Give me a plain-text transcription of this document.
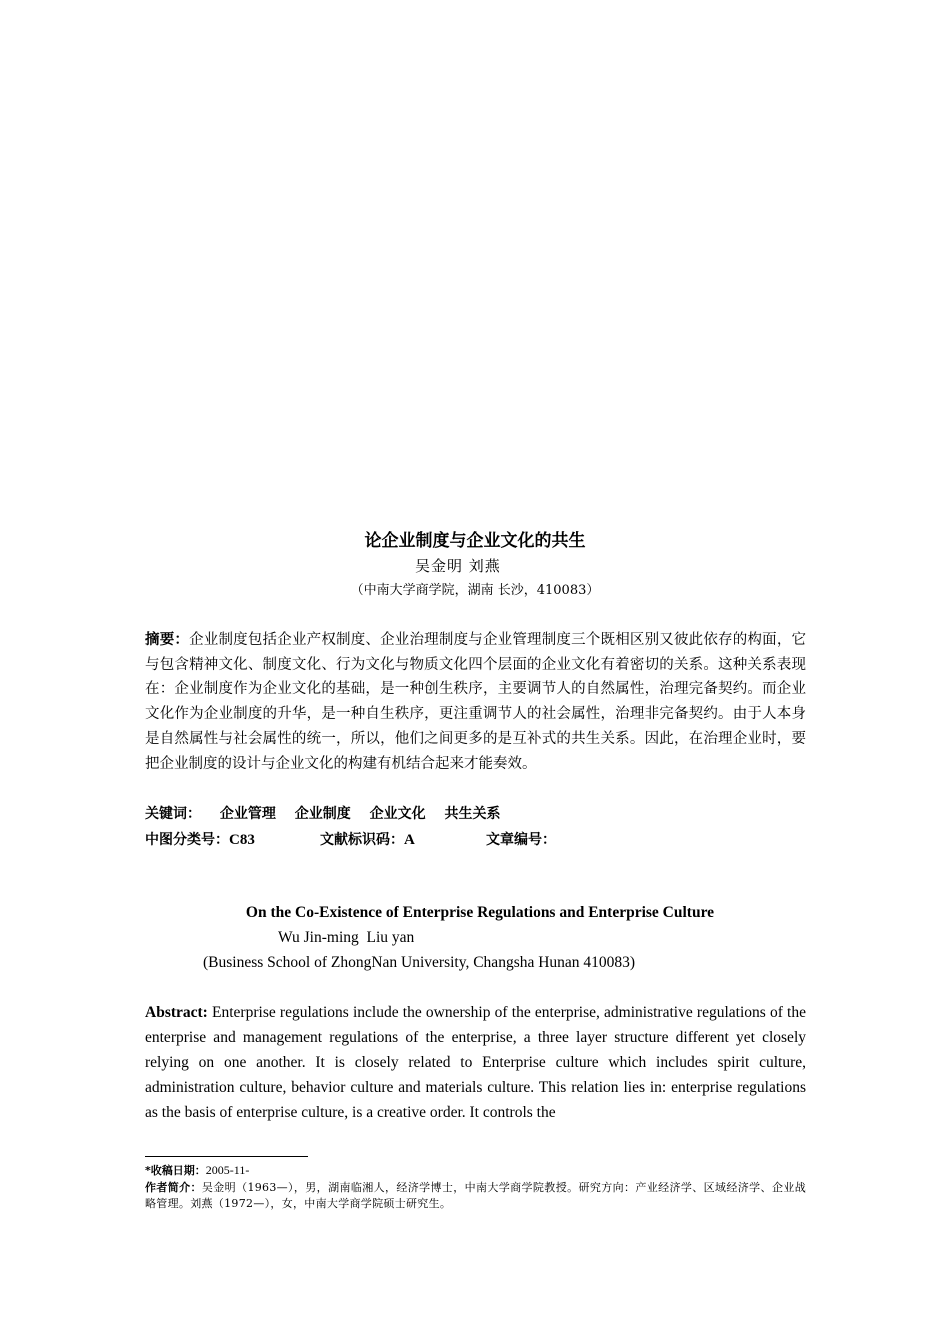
论企业制度与企业文化的共生
吴金明 刘燕
（中南大学商学院，湖南 长沙，410083）
摘要：企业制度包括企业产权制度、企业治理制度与企业管理制度三个既相区别又彼此依存的构面，它与包含精神文化、制度文化、行为文化与物质文化四个层面的企业文化有着密切的关系。这种关系表现在：企业制度作为企业文化的基础，是一种创生秩序，主要调节人的自然属性，治理完备契约。而企业文化作为企业制度的升华，是一种自生秩序，更注重调节人的社会属性，治理非完备契约。由于人本身是自然属性与社会属性的统一，所以，他们之间更多的是互补式的共生关系。因此，在治理企业时，要把企业制度的设计与企业文化的构建有机结合起来才能奏效。
关键词： 企业管理 企业制度 企业文化 共生关系
中图分类号：C83	文献标识码：A	文章编号：
On the Co-Existence of Enterprise Regulations and Enterprise Culture
Wu Jin-ming  Liu yan
(Business School of ZhongNan University, Changsha Hunan 410083)
Abstract: Enterprise regulations include the ownership of the enterprise, administrative regulations of the enterprise and management regulations of the enterprise, a three layer structure different yet closely relying on one another. It is closely related to Enterprise culture which includes spirit culture, administration culture, behavior culture and materials culture. This relation lies in: enterprise regulations as the basis of enterprise culture, is a creative order. It controls the
*收稿日期：2005-11-
作者简介：吴金明（1963—），男，湖南临湘人，经济学博士，中南大学商学院教授。研究方向：产业经济学、区域经济学、企业战略管理。刘燕（1972—），女，中南大学商学院硕士研究生。
